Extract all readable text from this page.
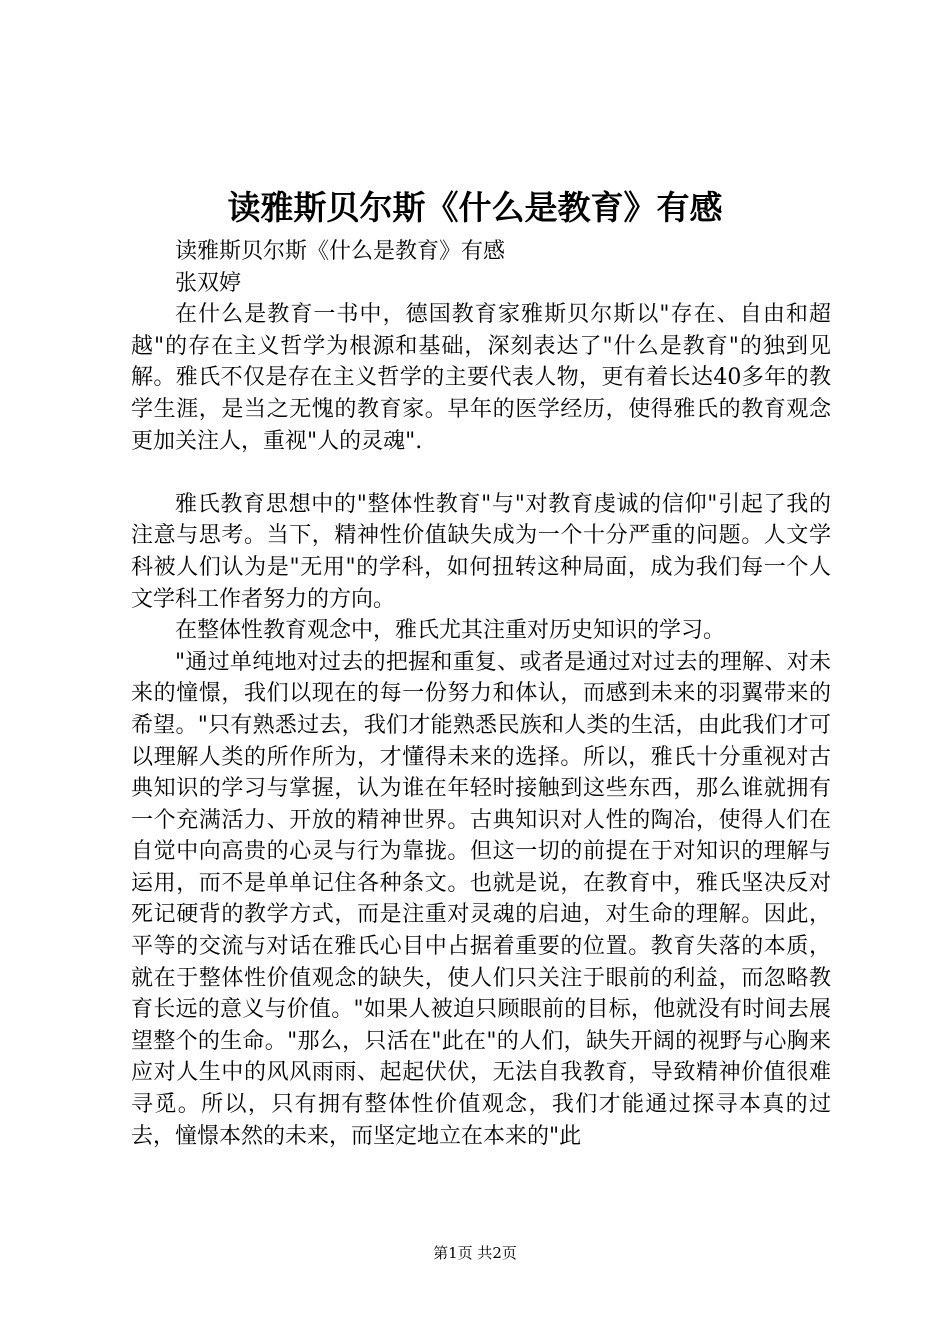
读雅斯贝尔斯《什么是教育》有感

读雅斯贝尔斯《什么是教育》有感

张双婷

在什么是教育一书中，德国教育家雅斯贝尔斯以"存在、自由和超越"的存在主义哲学为根源和基础，深刻表达了"什么是教育"的独到见解。雅氏不仅是存在主义哲学的主要代表人物，更有着长达40多年的教学生涯，是当之无愧的教育家。早年的医学经历，使得雅氏的教育观念更加关注人，重视"人的灵魂".

雅氏教育思想中的"整体性教育"与"对教育虔诚的信仰"引起了我的注意与思考。当下，精神性价值缺失成为一个十分严重的问题。人文学科被人们认为是"无用"的学科，如何扭转这种局面，成为我们每一个人文学科工作者努力的方向。

在整体性教育观念中，雅氏尤其注重对历史知识的学习。

"通过单纯地对过去的把握和重复、或者是通过对过去的理解、对未来的憧憬，我们以现在的每一份努力和体认，而感到未来的羽翼带来的希望。"只有熟悉过去，我们才能熟悉民族和人类的生活，由此我们才可以理解人类的所作所为，才懂得未来的选择。所以，雅氏十分重视对古典知识的学习与掌握，认为谁在年轻时接触到这些东西，那么谁就拥有一个充满活力、开放的精神世界。古典知识对人性的陶冶，使得人们在自觉中向高贵的心灵与行为靠拢。但这一切的前提在于对知识的理解与运用，而不是单单记住各种条文。也就是说，在教育中，雅氏坚决反对死记硬背的教学方式，而是注重对灵魂的启迪，对生命的理解。因此，平等的交流与对话在雅氏心目中占据着重要的位置。教育失落的本质，就在于整体性价值观念的缺失，使人们只关注于眼前的利益，而忽略教育长远的意义与价值。"如果人被迫只顾眼前的目标，他就没有时间去展望整个的生命。"那么，只活在"此在"的人们，缺失开阔的视野与心胸来应对人生中的风风雨雨、起起伏伏，无法自我教育，导致精神价值很难寻觅。所以，只有拥有整体性价值观念，我们才能通过探寻本真的过去，憧憬本然的未来，而坚定地立在本来的"此

第1页 共2页
